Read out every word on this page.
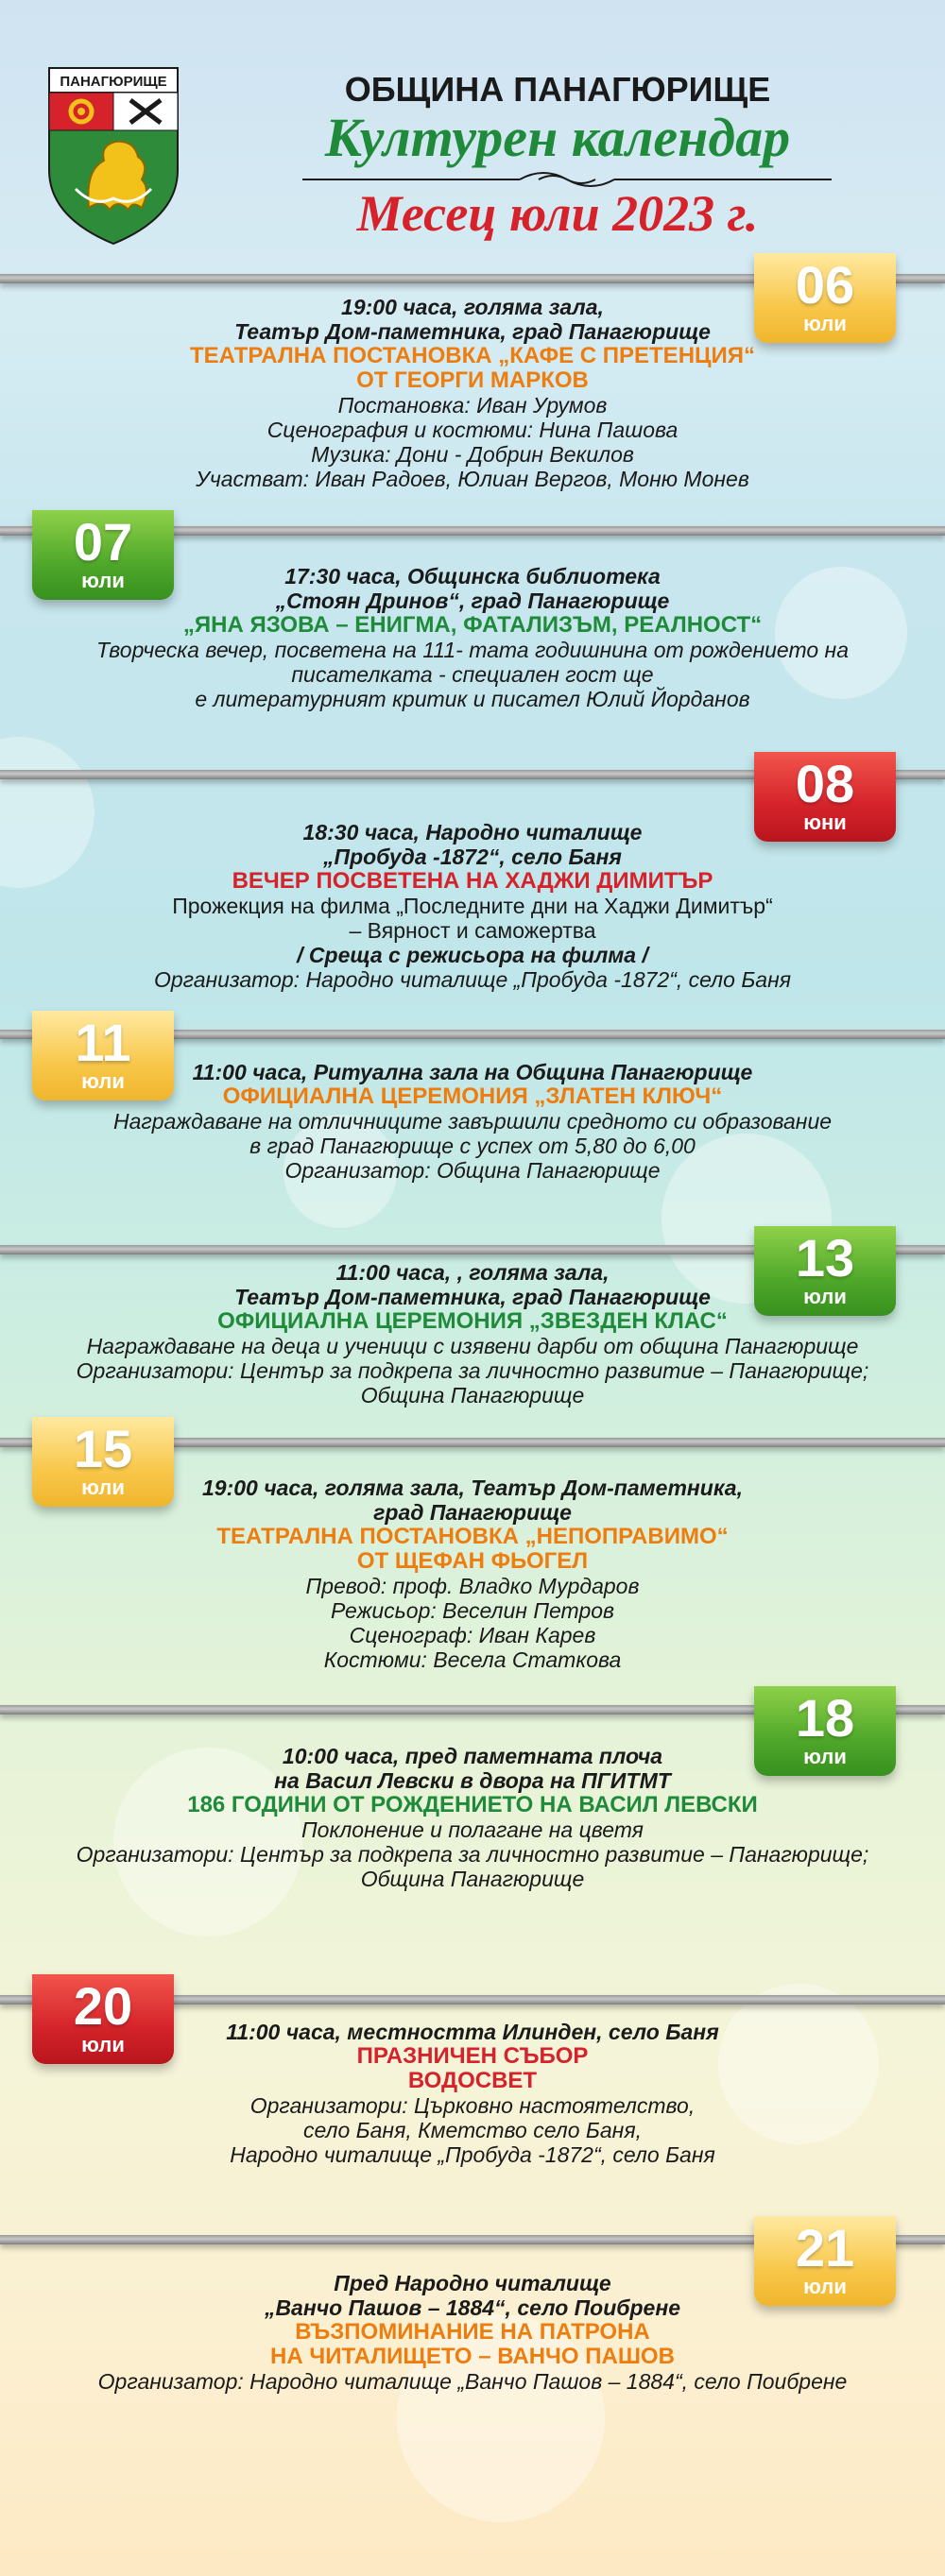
ПАНАГЮРИЩЕ	ОБЩИНА ПАНАГЮРИЩЕ
Културен календар
Месец юли 2023 г.
06
юли
07
юли
08
юни
11
юли
13
юли
15
юли
18
юли
20
юли
21
юли

19:00 часа, голяма зала,

Театър Дом-паметника, град Панагюрище

ТЕАТРАЛНА ПОСТАНОВКА „КАФЕ С ПРЕТЕНЦИЯ“

ОТ ГЕОРГИ МАРКОВ

Постановка: Иван Урумов

Сценография и костюми: Нина Пашова

Музика: Дони - Добрин Векилов

Участват: Иван Радоев, Юлиан Вергов, Моню Монев

17:30 часа, Общинска библиотека

„Стоян Дринов“, град Панагюрище

„ЯНА ЯЗОВА – ЕНИГМА, ФАТАЛИЗЪМ, РЕАЛНОСТ“

Творческа вечер, посветена на 111- тата годишнина от рождението на

писателката - специален гост ще

е литературният критик и писател Юлий Йорданов

18:30 часа, Народно читалище

„Пробуда -1872“, село Баня

ВЕЧЕР ПОСВЕТЕНА НА ХАДЖИ ДИМИТЪР

Прожекция на филма „Последните дни на Хаджи Димитър“

– Вярност и саможертва

/ Среща с режисьора на филма /

Организатор: Народно читалище „Пробуда -1872“, село Баня

11:00 часа, Ритуална зала на Община Панагюрище

ОФИЦИАЛНА ЦЕРЕМОНИЯ „ЗЛАТЕН КЛЮЧ“

Награждаване на отличниците завършили средното си образование

в град Панагюрище с успех от 5,80 до 6,00

Организатор: Община Панагюрище

11:00 часа, , голяма зала,

Театър Дом-паметника, град Панагюрище

ОФИЦИАЛНА ЦЕРЕМОНИЯ „ЗВЕЗДЕН КЛАС“

Награждаване на деца и ученици с изявени дарби от община Панагюрище

Организатори: Център за подкрепа за личностно развитие – Панагюрище;

Община Панагюрище

19:00 часа, голяма зала, Театър Дом-паметника,

град Панагюрище

ТЕАТРАЛНА ПОСТАНОВКА „НЕПОПРАВИМО“

ОТ ЩЕФАН ФЬОГЕЛ

Превод: проф. Владко Мурдаров

Режисьор: Веселин Петров

Сценограф: Иван Карев

Костюми: Весела Статкова

10:00 часа, пред паметната плоча

на Васил Левски в двора на ПГИТМТ

186 ГОДИНИ ОТ РОЖДЕНИЕТО НА ВАСИЛ ЛЕВСКИ

Поклонение и полагане на цветя

Организатори: Център за подкрепа за личностно развитие – Панагюрище;

Община Панагюрище

11:00 часа, местността Илинден, село Баня

ПРАЗНИЧЕН СЪБОР

ВОДОСВЕТ

Организатори: Църковно настоятелство,

село Баня, Кметство село Баня,

Народно читалище „Пробуда -1872“, село Баня

Пред Народно читалище

„Ванчо Пашов – 1884“, село Поибрене

ВЪЗПОМИНАНИЕ НА ПАТРОНА

НА ЧИТАЛИЩЕТО – ВАНЧО ПАШОВ

Организатор: Народно читалище „Ванчо Пашов – 1884“, село Поибрене
